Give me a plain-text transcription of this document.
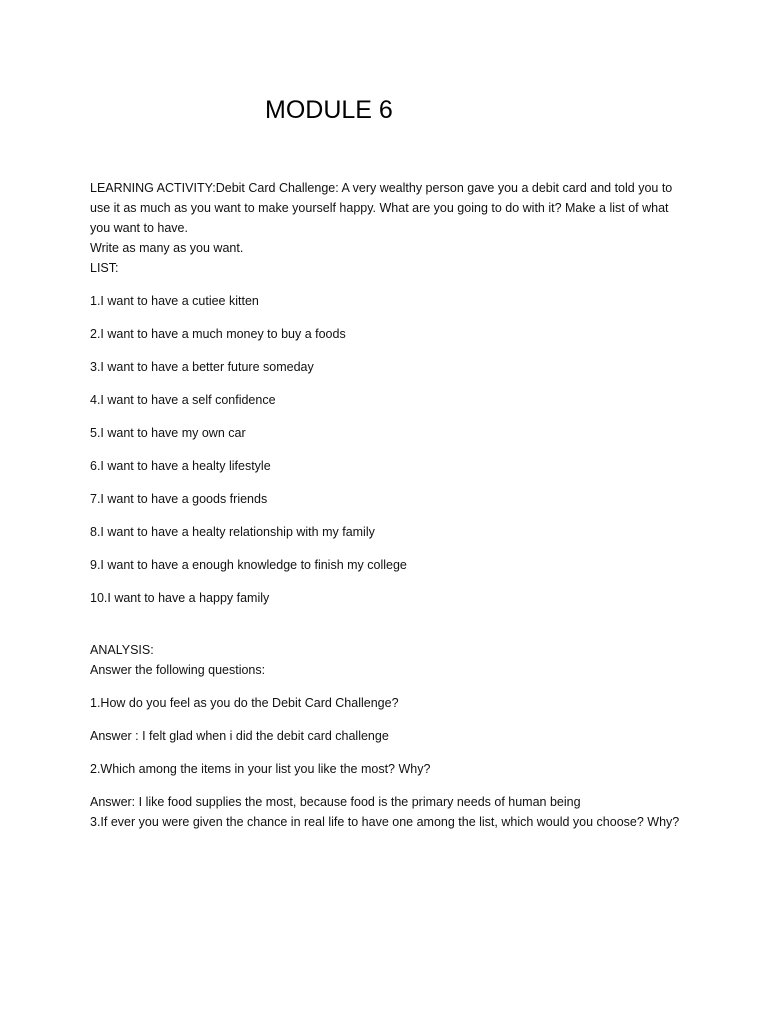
MODULE 6
LEARNING ACTIVITY:Debit Card Challenge: A very wealthy person gave you a debit card and told you to use it as much as you want to make yourself happy. What are you going to do with it? Make a list of what you want to have.
Write as many as you want.
LIST:
1.I want to have a cutiee kitten
2.I want to have a much money to buy a foods
3.I want to have a better future someday
4.I want to have a self confidence
5.I want to have my own car
6.I want to have a healty lifestyle
7.I want to have a goods friends
8.I want to have a healty relationship with my family
9.I want to have a enough knowledge to finish my college
10.I want to have a happy family
ANALYSIS:
Answer the following questions:
1.How do you feel as you do the Debit Card Challenge?
Answer : I felt glad when i did the debit card challenge
2.Which among the items in your list you like the most? Why?
Answer: I like food supplies the most, because food is the primary needs of human being
3.If ever you were given the chance in real life to have one among the list, which would you choose? Why?
